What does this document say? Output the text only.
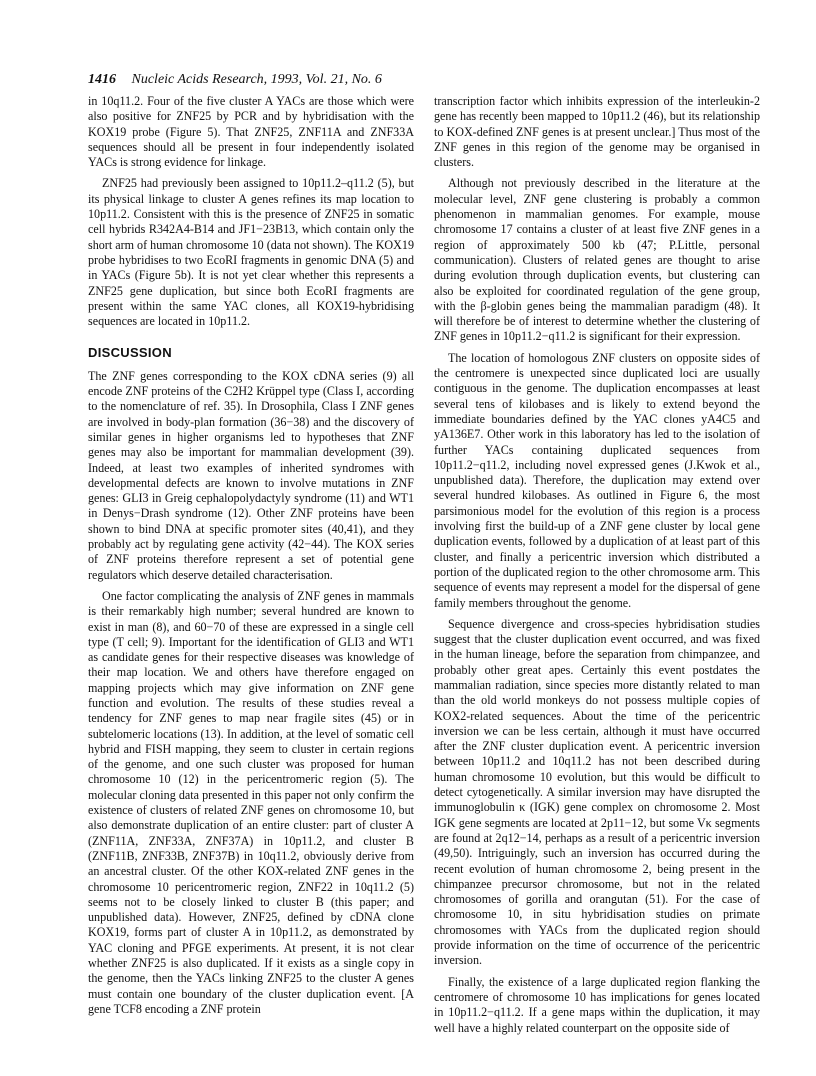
1416 Nucleic Acids Research, 1993, Vol. 21, No. 6

in 10q11.2. Four of the five cluster A YACs are those which were also positive for ZNF25 by PCR and by hybridisation with the KOX19 probe (Figure 5). That ZNF25, ZNF11A and ZNF33A sequences should all be present in four independently isolated YACs is strong evidence for linkage.

ZNF25 had previously been assigned to 10p11.2–q11.2 (5), but its physical linkage to cluster A genes refines its map location to 10p11.2. Consistent with this is the presence of ZNF25 in somatic cell hybrids R342A4-B14 and JF1−23B13, which contain only the short arm of human chromosome 10 (data not shown). The KOX19 probe hybridises to two EcoRI fragments in genomic DNA (5) and in YACs (Figure 5b). It is not yet clear whether this represents a ZNF25 gene duplication, but since both EcoRI fragments are present within the same YAC clones, all KOX19-hybridising sequences are located in 10p11.2.

DISCUSSION

The ZNF genes corresponding to the KOX cDNA series (9) all encode ZNF proteins of the C2H2 Krüppel type (Class I, according to the nomenclature of ref. 35). In Drosophila, Class I ZNF genes are involved in body-plan formation (36−38) and the discovery of similar genes in higher organisms led to hypotheses that ZNF genes may also be important for mammalian development (39). Indeed, at least two examples of inherited syndromes with developmental defects are known to involve mutations in ZNF genes: GLI3 in Greig cephalopolydactyly syndrome (11) and WT1 in Denys−Drash syndrome (12). Other ZNF proteins have been shown to bind DNA at specific promoter sites (40,41), and they probably act by regulating gene activity (42−44). The KOX series of ZNF proteins therefore represent a set of potential gene regulators which deserve detailed characterisation.

One factor complicating the analysis of ZNF genes in mammals is their remarkably high number; several hundred are known to exist in man (8), and 60−70 of these are expressed in a single cell type (T cell; 9). Important for the identification of GLI3 and WT1 as candidate genes for their respective diseases was knowledge of their map location. We and others have therefore engaged on mapping projects which may give information on ZNF gene function and evolution. The results of these studies reveal a tendency for ZNF genes to map near fragile sites (45) or in subtelomeric locations (13). In addition, at the level of somatic cell hybrid and FISH mapping, they seem to cluster in certain regions of the genome, and one such cluster was proposed for human chromosome 10 (12) in the pericentromeric region (5). The molecular cloning data presented in this paper not only confirm the existence of clusters of related ZNF genes on chromosome 10, but also demonstrate duplication of an entire cluster: part of cluster A (ZNF11A, ZNF33A, ZNF37A) in 10p11.2, and cluster B (ZNF11B, ZNF33B, ZNF37B) in 10q11.2, obviously derive from an ancestral cluster. Of the other KOX-related ZNF genes in the chromosome 10 pericentromeric region, ZNF22 in 10q11.2 (5) seems not to be closely linked to cluster B (this paper; and unpublished data). However, ZNF25, defined by cDNA clone KOX19, forms part of cluster A in 10p11.2, as demonstrated by YAC cloning and PFGE experiments. At present, it is not clear whether ZNF25 is also duplicated. If it exists as a single copy in the genome, then the YACs linking ZNF25 to the cluster A genes must contain one boundary of the cluster duplication event. [A gene TCF8 encoding a ZNF protein

transcription factor which inhibits expression of the interleukin-2 gene has recently been mapped to 10p11.2 (46), but its relationship to KOX-defined ZNF genes is at present unclear.] Thus most of the ZNF genes in this region of the genome may be organised in clusters.

Although not previously described in the literature at the molecular level, ZNF gene clustering is probably a common phenomenon in mammalian genomes. For example, mouse chromosome 17 contains a cluster of at least five ZNF genes in a region of approximately 500 kb (47; P.Little, personal communication). Clusters of related genes are thought to arise during evolution through duplication events, but clustering can also be exploited for coordinated regulation of the gene group, with the β-globin genes being the mammalian paradigm (48). It will therefore be of interest to determine whether the clustering of ZNF genes in 10p11.2−q11.2 is significant for their expression.

The location of homologous ZNF clusters on opposite sides of the centromere is unexpected since duplicated loci are usually contiguous in the genome. The duplication encompasses at least several tens of kilobases and is likely to extend beyond the immediate boundaries defined by the YAC clones yA4C5 and yA136E7. Other work in this laboratory has led to the isolation of further YACs containing duplicated sequences from 10p11.2−q11.2, including novel expressed genes (J.Kwok et al., unpublished data). Therefore, the duplication may extend over several hundred kilobases. As outlined in Figure 6, the most parsimonious model for the evolution of this region is a process involving first the build-up of a ZNF gene cluster by local gene duplication events, followed by a duplication of at least part of this cluster, and finally a pericentric inversion which distributed a portion of the duplicated region to the other chromosome arm. This sequence of events may represent a model for the dispersal of gene family members throughout the genome.

Sequence divergence and cross-species hybridisation studies suggest that the cluster duplication event occurred, and was fixed in the human lineage, before the separation from chimpanzee, and probably other great apes. Certainly this event postdates the mammalian radiation, since species more distantly related to man than the old world monkeys do not possess multiple copies of KOX2-related sequences. About the time of the pericentric inversion we can be less certain, although it must have occurred after the ZNF cluster duplication event. A pericentric inversion between 10p11.2 and 10q11.2 has not been described during human chromosome 10 evolution, but this would be difficult to detect cytogenetically. A similar inversion may have disrupted the immunoglobulin κ (IGK) gene complex on chromosome 2. Most IGK gene segments are located at 2p11−12, but some Vκ segments are found at 2q12−14, perhaps as a result of a pericentric inversion (49,50). Intriguingly, such an inversion has occurred during the recent evolution of human chromosome 2, being present in the chimpanzee precursor chromosome, but not in the related chromosomes of gorilla and orangutan (51). For the case of chromosome 10, in situ hybridisation studies on primate chromosomes with YACs from the duplicated region should provide information on the time of occurrence of the pericentric inversion.

Finally, the existence of a large duplicated region flanking the centromere of chromosome 10 has implications for genes located in 10p11.2−q11.2. If a gene maps within the duplication, it may well have a highly related counterpart on the opposite side of
